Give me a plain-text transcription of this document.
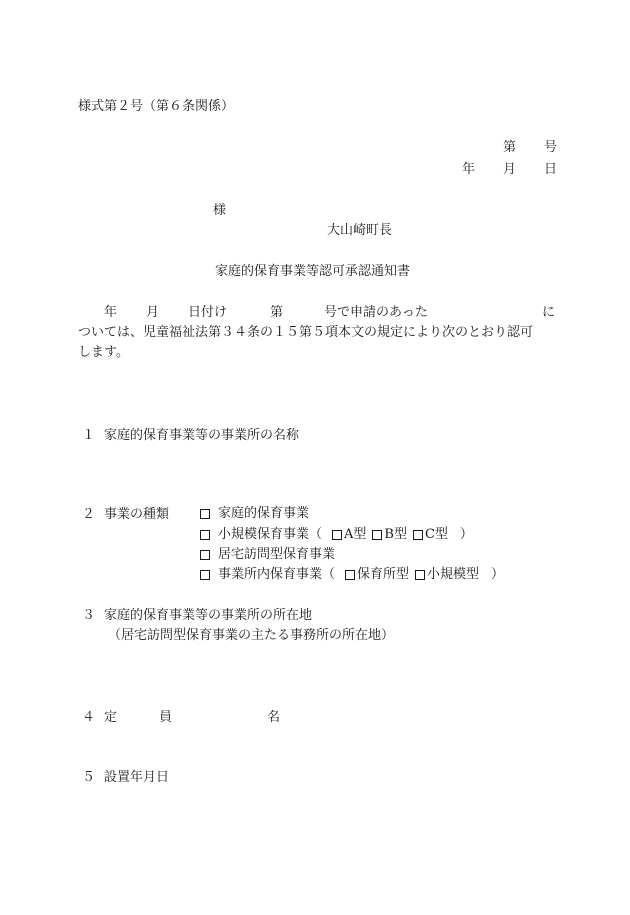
様式第２号（第６条関係）
第 号
年 月 日
様
大山崎町長
家庭的保育事業等認可承認通知書
年 月 日付け	第	号で申請のあった	に
ついては、児童福祉法第３４条の１５第５項本文の規定により次のとおり認可
します。
１ 家庭的保育事業等の事業所の名称
２ 事業の種類	家庭的保育事業
小規模保育事業（ A型 B型 C型 ）
居宅訪問型保育事業
事業所内保育事業（ 保育所型 小規模型 ）
３ 家庭的保育事業等の事業所の所在地
（居宅訪問型保育事業の主たる事務所の所在地）
４ 定	員	名
５ 設置年月日
